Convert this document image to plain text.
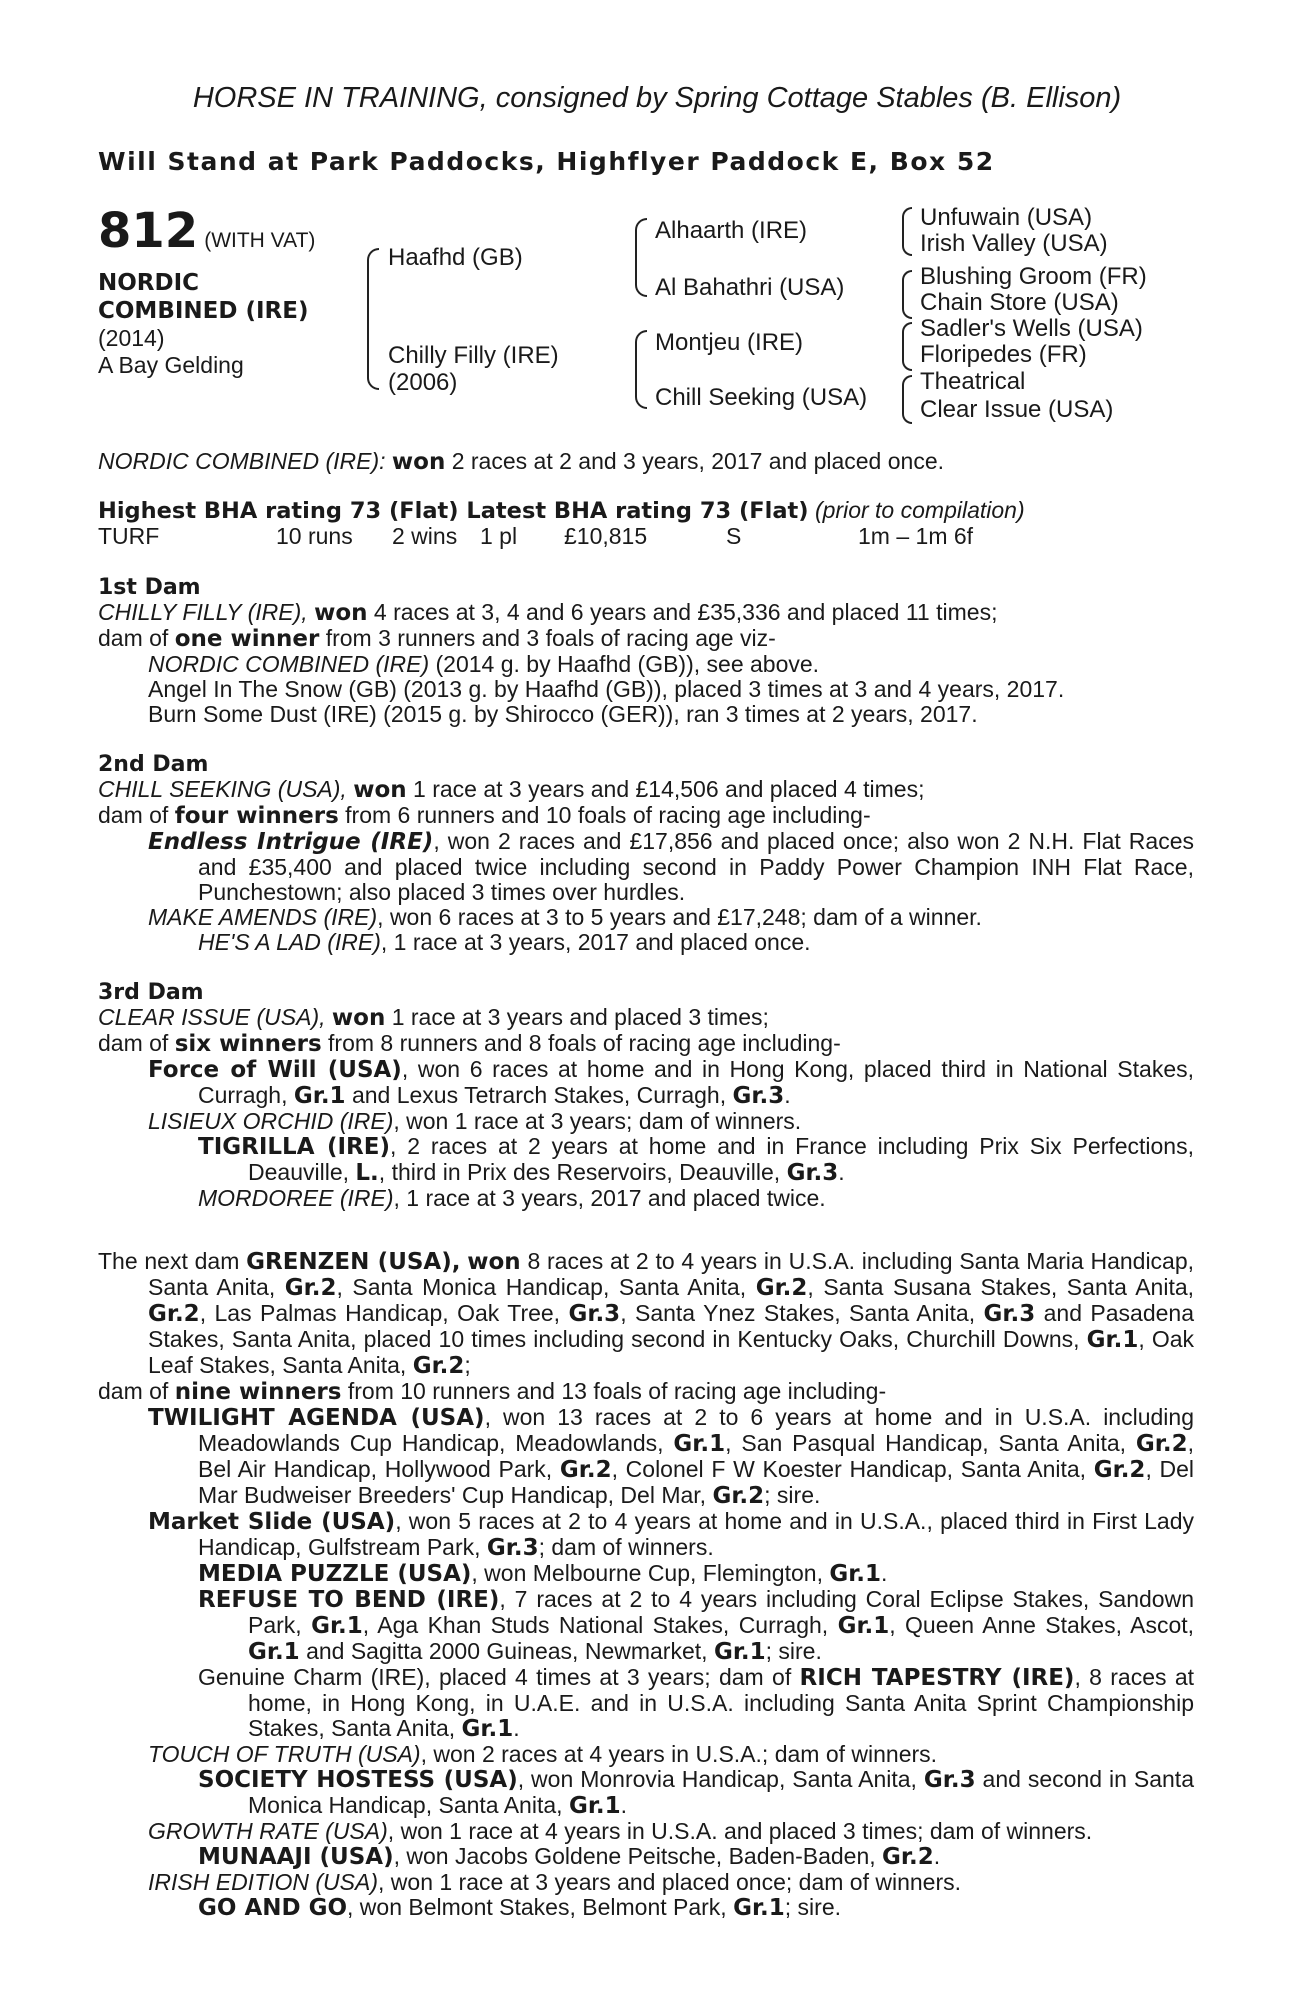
HORSE IN TRAINING, consigned by Spring Cottage Stables (B. Ellison)
Will Stand at Park Paddocks, Highflyer Paddock E, Box 52
812 (WITH VAT)
NORDIC
COMBINED (IRE)
(2014)
A Bay Gelding
Haafhd (GB)
Chilly Filly (IRE)
(2006)
Alhaarth (IRE)
Al Bahathri (USA)
Montjeu (IRE)
Chill Seeking (USA)
Unfuwain (USA)
Irish Valley (USA)
Blushing Groom (FR)
Chain Store (USA)
Sadler's Wells (USA)
Floripedes (FR)
Theatrical
Clear Issue (USA)
NORDIC COMBINED (IRE): won 2 races at 2 and 3 years, 2017 and placed once.
Highest BHA rating 73 (Flat) Latest BHA rating 73 (Flat) (prior to compilation)
TURF	10 runs 2 wins 1 pl £10,815	S	1m – 1m 6f
1st Dam
CHILLY FILLY (IRE), won 4 races at 3, 4 and 6 years and £35,336 and placed 11 times;
dam of one winner from 3 runners and 3 foals of racing age viz-
NORDIC COMBINED (IRE) (2014 g. by Haafhd (GB)), see above.
Angel In The Snow (GB) (2013 g. by Haafhd (GB)), placed 3 times at 3 and 4 years, 2017.
Burn Some Dust (IRE) (2015 g. by Shirocco (GER)), ran 3 times at 2 years, 2017.
2nd Dam
CHILL SEEKING (USA), won 1 race at 3 years and £14,506 and placed 4 times;
dam of four winners from 6 runners and 10 foals of racing age including-
Endless Intrigue (IRE), won 2 races and £17,856 and placed once; also won 2 N.H. Flat Races and £35,400 and placed twice including second in Paddy Power Champion INH Flat Race, Punchestown; also placed 3 times over hurdles.
MAKE AMENDS (IRE), won 6 races at 3 to 5 years and £17,248; dam of a winner.
HE'S A LAD (IRE), 1 race at 3 years, 2017 and placed once.
3rd Dam
CLEAR ISSUE (USA), won 1 race at 3 years and placed 3 times;
dam of six winners from 8 runners and 8 foals of racing age including-
Force of Will (USA), won 6 races at home and in Hong Kong, placed third in National Stakes, Curragh, Gr.1 and Lexus Tetrarch Stakes, Curragh, Gr.3.
LISIEUX ORCHID (IRE), won 1 race at 3 years; dam of winners.
TIGRILLA (IRE), 2 races at 2 years at home and in France including Prix Six Perfections, Deauville, L., third in Prix des Reservoirs, Deauville, Gr.3.
MORDOREE (IRE), 1 race at 3 years, 2017 and placed twice.
The next dam GRENZEN (USA), won 8 races at 2 to 4 years in U.S.A. including Santa Maria Handicap, Santa Anita, Gr.2, Santa Monica Handicap, Santa Anita, Gr.2, Santa Susana Stakes, Santa Anita, Gr.2, Las Palmas Handicap, Oak Tree, Gr.3, Santa Ynez Stakes, Santa Anita, Gr.3 and Pasadena Stakes, Santa Anita, placed 10 times including second in Kentucky Oaks, Churchill Downs, Gr.1, Oak Leaf Stakes, Santa Anita, Gr.2;
dam of nine winners from 10 runners and 13 foals of racing age including-
TWILIGHT AGENDA (USA), won 13 races at 2 to 6 years at home and in U.S.A. including Meadowlands Cup Handicap, Meadowlands, Gr.1, San Pasqual Handicap, Santa Anita, Gr.2, Bel Air Handicap, Hollywood Park, Gr.2, Colonel F W Koester Handicap, Santa Anita, Gr.2, Del Mar Budweiser Breeders' Cup Handicap, Del Mar, Gr.2; sire.
Market Slide (USA), won 5 races at 2 to 4 years at home and in U.S.A., placed third in First Lady Handicap, Gulfstream Park, Gr.3; dam of winners.
MEDIA PUZZLE (USA), won Melbourne Cup, Flemington, Gr.1.
REFUSE TO BEND (IRE), 7 races at 2 to 4 years including Coral Eclipse Stakes, Sandown Park, Gr.1, Aga Khan Studs National Stakes, Curragh, Gr.1, Queen Anne Stakes, Ascot, Gr.1 and Sagitta 2000 Guineas, Newmarket, Gr.1; sire.
Genuine Charm (IRE), placed 4 times at 3 years; dam of RICH TAPESTRY (IRE), 8 races at home, in Hong Kong, in U.A.E. and in U.S.A. including Santa Anita Sprint Championship Stakes, Santa Anita, Gr.1.
TOUCH OF TRUTH (USA), won 2 races at 4 years in U.S.A.; dam of winners.
SOCIETY HOSTESS (USA), won Monrovia Handicap, Santa Anita, Gr.3 and second in Santa Monica Handicap, Santa Anita, Gr.1.
GROWTH RATE (USA), won 1 race at 4 years in U.S.A. and placed 3 times; dam of winners.
MUNAAJI (USA), won Jacobs Goldene Peitsche, Baden-Baden, Gr.2.
IRISH EDITION (USA), won 1 race at 3 years and placed once; dam of winners.
GO AND GO, won Belmont Stakes, Belmont Park, Gr.1; sire.
